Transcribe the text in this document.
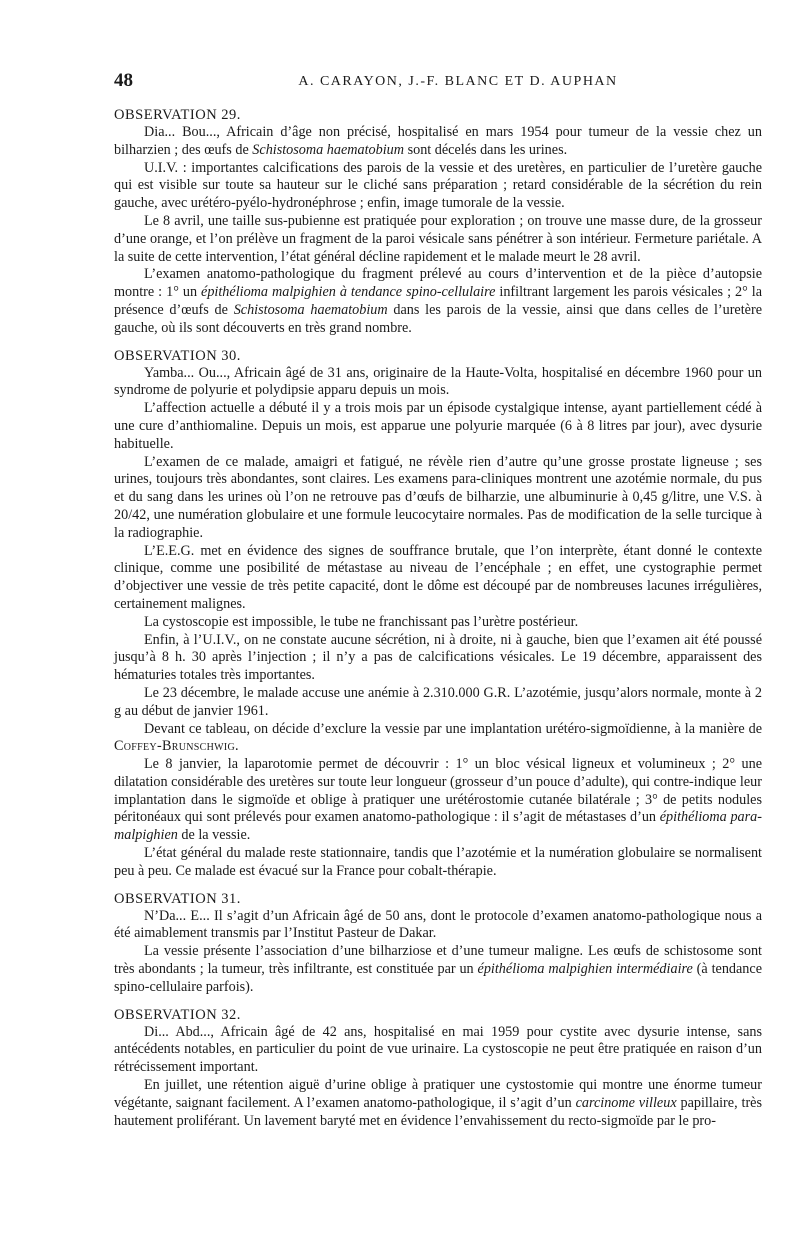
48	A. CARAYON, J.-F. BLANC ET D. AUPHAN

OBSERVATION 29.

Dia... Bou..., Africain d’âge non précisé, hospitalisé en mars 1954 pour tumeur de la vessie chez un bilharzien ; des œufs de Schistosoma haematobium sont décelés dans les urines.

U.I.V. : importantes calcifications des parois de la vessie et des uretères, en particulier de l’uretère gauche qui est visible sur toute sa hauteur sur le cliché sans préparation ; retard considérable de la sécrétion du rein gauche, avec urétéro-pyélo-hydronéphrose ; enfin, image tumorale de la vessie.

Le 8 avril, une taille sus-pubienne est pratiquée pour exploration ; on trouve une masse dure, de la grosseur d’une orange, et l’on prélève un fragment de la paroi vésicale sans pénétrer à son intérieur. Fermeture pariétale. A la suite de cette intervention, l’état général décline rapidement et le malade meurt le 28 avril.

L’examen anatomo-pathologique du fragment prélevé au cours d’intervention et de la pièce d’autopsie montre : 1° un épithélioma malpighien à tendance spino-cellulaire infiltrant largement les parois vésicales ; 2° la présence d’œufs de Schistosoma haematobium dans les parois de la vessie, ainsi que dans celles de l’uretère gauche, où ils sont découverts en très grand nombre.

OBSERVATION 30.

Yamba... Ou..., Africain âgé de 31 ans, originaire de la Haute-Volta, hospitalisé en décembre 1960 pour un syndrome de polyurie et polydipsie apparu depuis un mois.

L’affection actuelle a débuté il y a trois mois par un épisode cystalgique intense, ayant partiellement cédé à une cure d’anthiomaline. Depuis un mois, est apparue une polyurie marquée (6 à 8 litres par jour), avec dysurie habituelle.

L’examen de ce malade, amaigri et fatigué, ne révèle rien d’autre qu’une grosse prostate ligneuse ; ses urines, toujours très abondantes, sont claires. Les examens para-cliniques montrent une azotémie normale, du pus et du sang dans les urines où l’on ne retrouve pas d’œufs de bilharzie, une albuminurie à 0,45 g/litre, une V.S. à 20/42, une numération globulaire et une formule leucocytaire normales. Pas de modification de la selle turcique à la radiographie.

L’E.E.G. met en évidence des signes de souffrance brutale, que l’on interprète, étant donné le contexte clinique, comme une posibilité de métastase au niveau de l’encéphale ; en effet, une cystographie permet d’objectiver une vessie de très petite capacité, dont le dôme est découpé par de nombreuses lacunes irrégulières, certainement malignes.

La cystoscopie est impossible, le tube ne franchissant pas l’urètre postérieur.

Enfin, à l’U.I.V., on ne constate aucune sécrétion, ni à droite, ni à gauche, bien que l’examen ait été poussé jusqu’à 8 h. 30 après l’injection ; il n’y a pas de calcifications vésicales. Le 19 décembre, apparaissent des hématuries totales très importantes.

Le 23 décembre, le malade accuse une anémie à 2.310.000 G.R. L’azotémie, jusqu’alors normale, monte à 2 g au début de janvier 1961.

Devant ce tableau, on décide d’exclure la vessie par une implantation urétéro-sigmoïdienne, à la manière de Coffey-Brunschwig.

Le 8 janvier, la laparotomie permet de découvrir : 1° un bloc vésical ligneux et volumineux ; 2° une dilatation considérable des uretères sur toute leur longueur (grosseur d’un pouce d’adulte), qui contre-indique leur implantation dans le sigmoïde et oblige à pratiquer une urétérostomie cutanée bilatérale ; 3° de petits nodules péritonéaux qui sont prélevés pour examen anatomo-pathologique : il s’agit de métastases d’un épithélioma para-malpighien de la vessie.

L’état général du malade reste stationnaire, tandis que l’azotémie et la numération globulaire se normalisent peu à peu. Ce malade est évacué sur la France pour cobalt-thérapie.

OBSERVATION 31.

N’Da... E... Il s’agit d’un Africain âgé de 50 ans, dont le protocole d’examen anatomo-pathologique nous a été aimablement transmis par l’Institut Pasteur de Dakar.

La vessie présente l’association d’une bilharziose et d’une tumeur maligne. Les œufs de schistosome sont très abondants ; la tumeur, très infiltrante, est constituée par un épithélioma malpighien intermédiaire (à tendance spino-cellulaire parfois).

OBSERVATION 32.

Di... Abd..., Africain âgé de 42 ans, hospitalisé en mai 1959 pour cystite avec dysurie intense, sans antécédents notables, en particulier du point de vue urinaire. La cystoscopie ne peut être pratiquée en raison d’un rétrécissement important.

En juillet, une rétention aiguë d’urine oblige à pratiquer une cystostomie qui montre une énorme tumeur végétante, saignant facilement. A l’examen anatomo-pathologique, il s’agit d’un carcinome villeux papillaire, très hautement proliférant. Un lavement baryté met en évidence l’envahissement du recto-sigmoïde par le pro-
